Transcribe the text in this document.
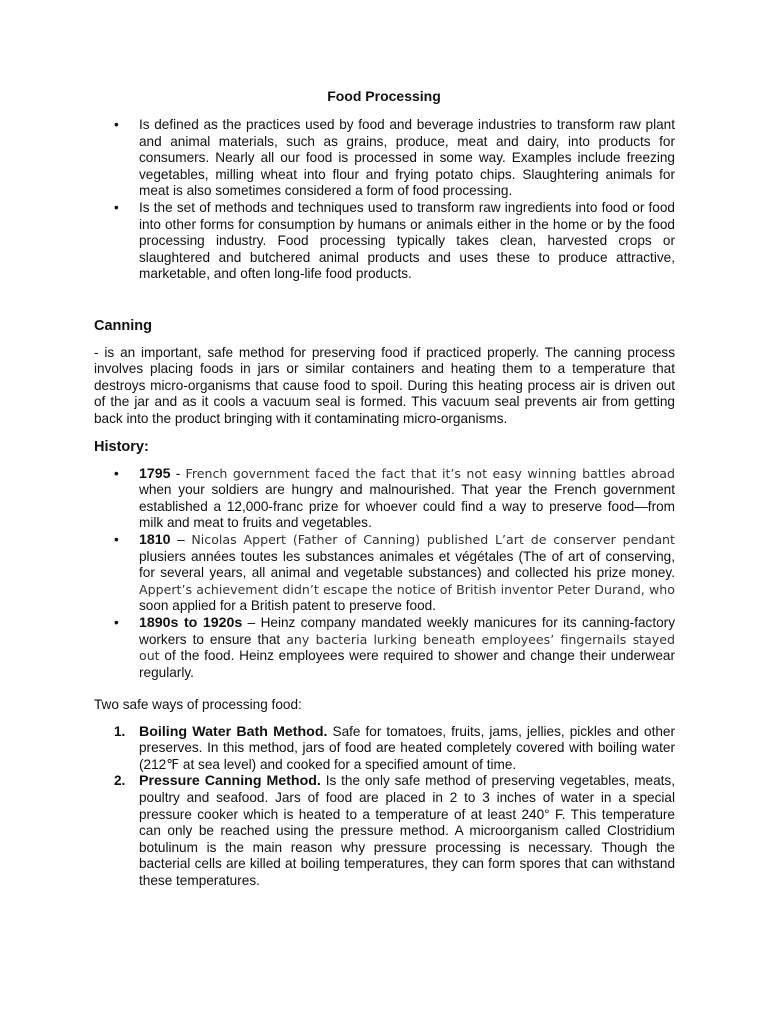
Food Processing
• Is defined as the practices used by food and beverage industries to transform raw plant and animal materials, such as grains, produce, meat and dairy, into products for consumers. Nearly all our food is processed in some way. Examples include freezing vegetables, milling wheat into flour and frying potato chips. Slaughtering animals for meat is also sometimes considered a form of food processing.
• Is the set of methods and techniques used to transform raw ingredients into food or food into other forms for consumption by humans or animals either in the home or by the food processing industry. Food processing typically takes clean, harvested crops or slaughtered and butchered animal products and uses these to produce attractive, marketable, and often long-life food products.
Canning

- is an important, safe method for preserving food if practiced properly. The canning process involves placing foods in jars or similar containers and heating them to a temperature that destroys micro-organisms that cause food to spoil. During this heating process air is driven out of the jar and as it cools a vacuum seal is formed. This vacuum seal prevents air from getting back into the product bringing with it contaminating micro-organisms.

History:
• 1795 - French government faced the fact that it’s not easy winning battles abroad when your soldiers are hungry and malnourished. That year the French government established a 12,000-franc prize for whoever could find a way to preserve food—from milk and meat to fruits and vegetables.
• 1810 – Nicolas Appert (Father of Canning) published L’art de conserver pendant plusiers années toutes les substances animales et végétales (The of art of conserving, for several years, all animal and vegetable substances) and collected his prize money. Appert’s achievement didn’t escape the notice of British inventor Peter Durand, who soon applied for a British patent to preserve food.
• 1890s to 1920s – Heinz company mandated weekly manicures for its canning-factory workers to ensure that any bacteria lurking beneath employees’ fingernails stayed out of the food. Heinz employees were required to shower and change their underwear regularly.

Two safe ways of processing food:

1. Boiling Water Bath Method. Safe for tomatoes, fruits, jams, jellies, pickles and other preserves. In this method, jars of food are heated completely covered with boiling water (212℉ at sea level) and cooked for a specified amount of time.
2. Pressure Canning Method. Is the only safe method of preserving vegetables, meats, poultry and seafood. Jars of food are placed in 2 to 3 inches of water in a special pressure cooker which is heated to a temperature of at least 240° F. This temperature can only be reached using the pressure method. A microorganism called Clostridium botulinum is the main reason why pressure processing is necessary. Though the bacterial cells are killed at boiling temperatures, they can form spores that can withstand these temperatures.
